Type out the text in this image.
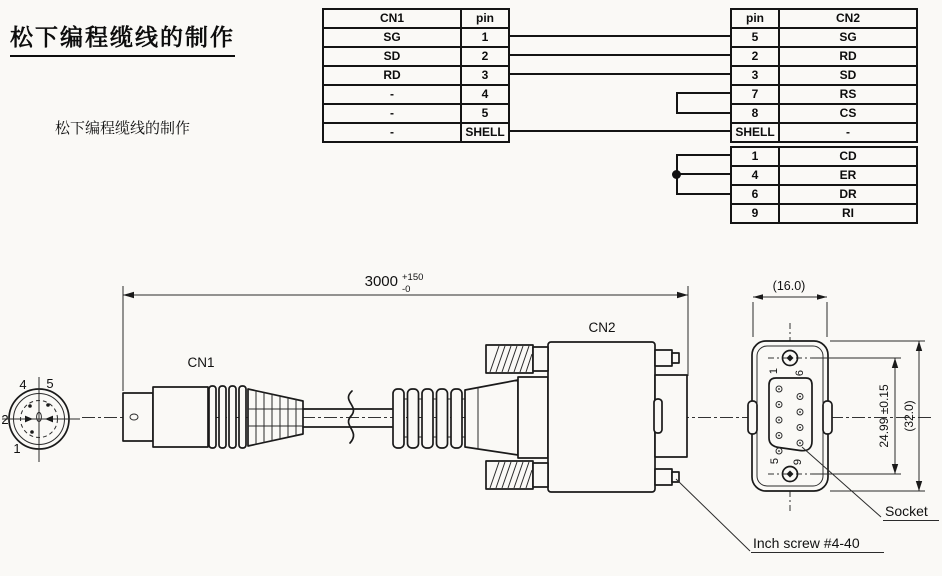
3000 +150
-0
4 5
2
1
CN1
CN2
1 6
5 9
(16.0)
24.99 ±0.15 (32.0)
Inch screw #4-40
Socket
松下编程缆线的制作
松下编程缆线的制作
CN1	pin
SG	1
SD	2
RD	3
-	4
-	5
-	SHELL
pin	CN2
5	SG
2	RD
3	SD
7	RS
8	CS
SHELL	-
1	CD
4	ER
6	DR
9	RI
